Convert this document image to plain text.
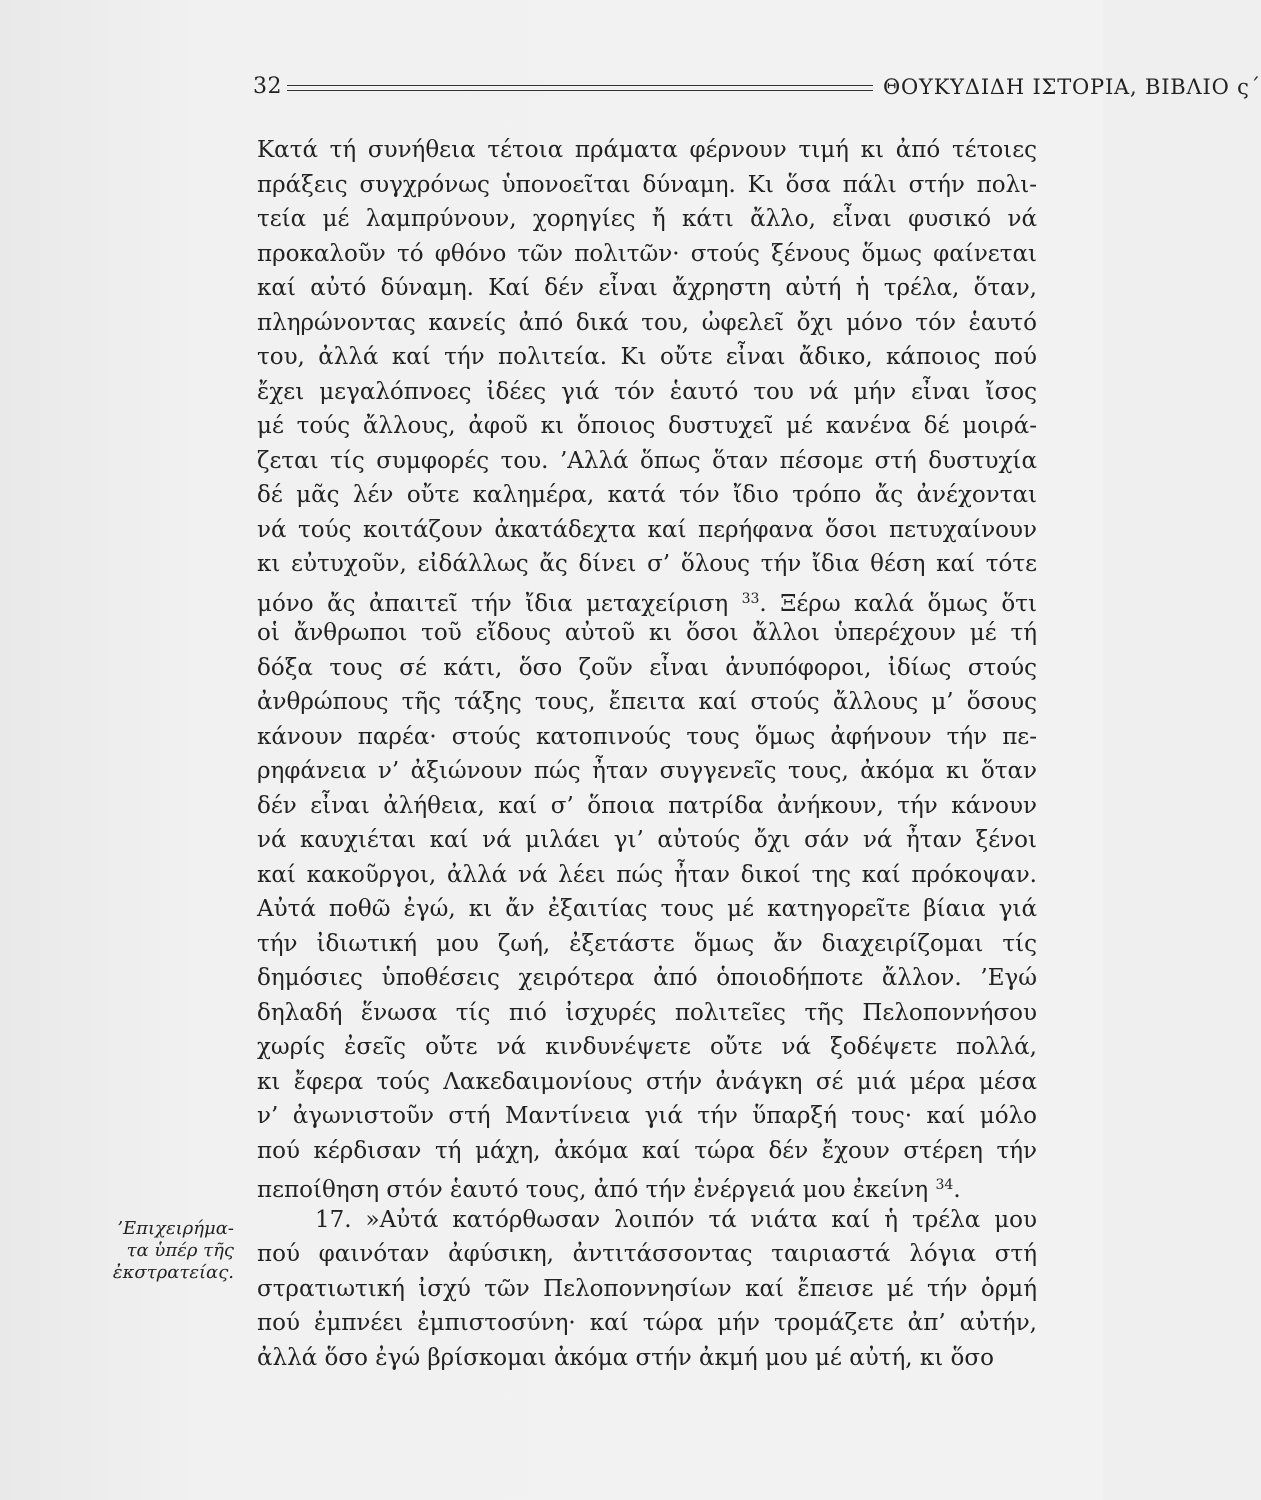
32	ΘΟΥΚΥΔΙΔΗ ΙΣΤΟΡΙΑ, ΒΙΒΛΙΟ ς΄
’Επιχειρήμα-
τα ὑπέρ τῆς
ἐκστρατείας.
Κατά τή συνήθεια τέτοια πράματα φέρνουν τιμή κι ἀπό τέτοιες
πράξεις συγχρόνως ὑπονοεῖται δύναμη. Κι ὅσα πάλι στήν πολι-
τεία μέ λαμπρύνουν, χορηγίες ἤ κάτι ἄλλο, εἶναι φυσικό νά
προκαλοῦν τό φθόνο τῶν πολιτῶν· στούς ξένους ὅμως φαίνεται
καί αὐτό δύναμη. Καί δέν εἶναι ἄχρηστη αὐτή ἡ τρέλα, ὅταν,
πληρώνοντας κανείς ἀπό δικά του, ὠφελεῖ ὄχι μόνο τόν ἑαυτό
του, ἀλλά καί τήν πολιτεία. Κι οὔτε εἶναι ἄδικο, κάποιος πού
ἔχει μεγαλόπνοες ἰδέες γιά τόν ἑαυτό του νά μήν εἶναι ἴσος
μέ τούς ἄλλους, ἀφοῦ κι ὅποιος δυστυχεῖ μέ κανένα δέ μοιρά-
ζεται τίς συμφορές του. ’Αλλά ὅπως ὅταν πέσομε στή δυστυχία
δέ μᾶς λέν οὔτε καλημέρα, κατά τόν ἴδιο τρόπο ἄς ἀνέχονται
νά τούς κοιτάζουν ἀκατάδεχτα καί περήφανα ὅσοι πετυχαίνουν
κι εὐτυχοῦν, εἰδάλλως ἄς δίνει σ’ ὅλους τήν ἴδια θέση καί τότε
μόνο ἄς ἀπαιτεῖ τήν ἴδια μεταχείριση $^{33}$. Ξέρω καλά ὅμως ὅτι
οἱ ἄνθρωποι τοῦ εἴδους αὐτοῦ κι ὅσοι ἄλλοι ὑπερέχουν μέ τή
δόξα τους σέ κάτι, ὅσο ζοῦν εἶναι ἀνυπόφοροι, ἰδίως στούς
ἀνθρώπους τῆς τάξης τους, ἔπειτα καί στούς ἄλλους μ’ ὅσους
κάνουν παρέα· στούς κατοπινούς τους ὅμως ἀφήνουν τήν πε-
ρηφάνεια ν’ ἀξιώνουν πώς ἦταν συγγενεῖς τους, ἀκόμα κι ὅταν
δέν εἶναι ἀλήθεια, καί σ’ ὅποια πατρίδα ἀνήκουν, τήν κάνουν
νά καυχιέται καί νά μιλάει γι’ αὐτούς ὄχι σάν νά ἦταν ξένοι
καί κακοῦργοι, ἀλλά νά λέει πώς ἦταν δικοί της καί πρόκοψαν.
Αὐτά ποθῶ ἐγώ, κι ἄν ἐξαιτίας τους μέ κατηγορεῖτε βίαια γιά
τήν ἰδιωτική μου ζωή, ἐξετάστε ὅμως ἄν διαχειρίζομαι τίς
δημόσιες ὑποθέσεις χειρότερα ἀπό ὁποιοδήποτε ἄλλον. ’Εγώ
δηλαδή ἕνωσα τίς πιό ἰσχυρές πολιτεῖες τῆς Πελοποννήσου
χωρίς ἐσεῖς οὔτε νά κινδυνέψετε οὔτε νά ξοδέψετε πολλά,
κι ἔφερα τούς Λακεδαιμονίους στήν ἀνάγκη σέ μιά μέρα μέσα
ν’ ἀγωνιστοῦν στή Μαντίνεια γιά τήν ὕπαρξή τους· καί μόλο
πού κέρδισαν τή μάχη, ἀκόμα καί τώρα δέν ἔχουν στέρεη τήν
πεποίθηση στόν ἑαυτό τους, ἀπό τήν ἐνέργειά μου ἐκείνη $^{34}$.
17. »Αὐτά κατόρθωσαν λοιπόν τά νιάτα καί ἡ τρέλα μου
πού φαινόταν ἀφύσικη, ἀντιτάσσοντας ταιριαστά λόγια στή
στρατιωτική ἰσχύ τῶν Πελοποννησίων καί ἔπεισε μέ τήν ὁρμή
πού ἐμπνέει ἐμπιστοσύνη· καί τώρα μήν τρομάζετε ἀπ’ αὐτήν,
ἀλλά ὅσο ἐγώ βρίσκομαι ἀκόμα στήν ἀκμή μου μέ αὐτή, κι ὅσο
